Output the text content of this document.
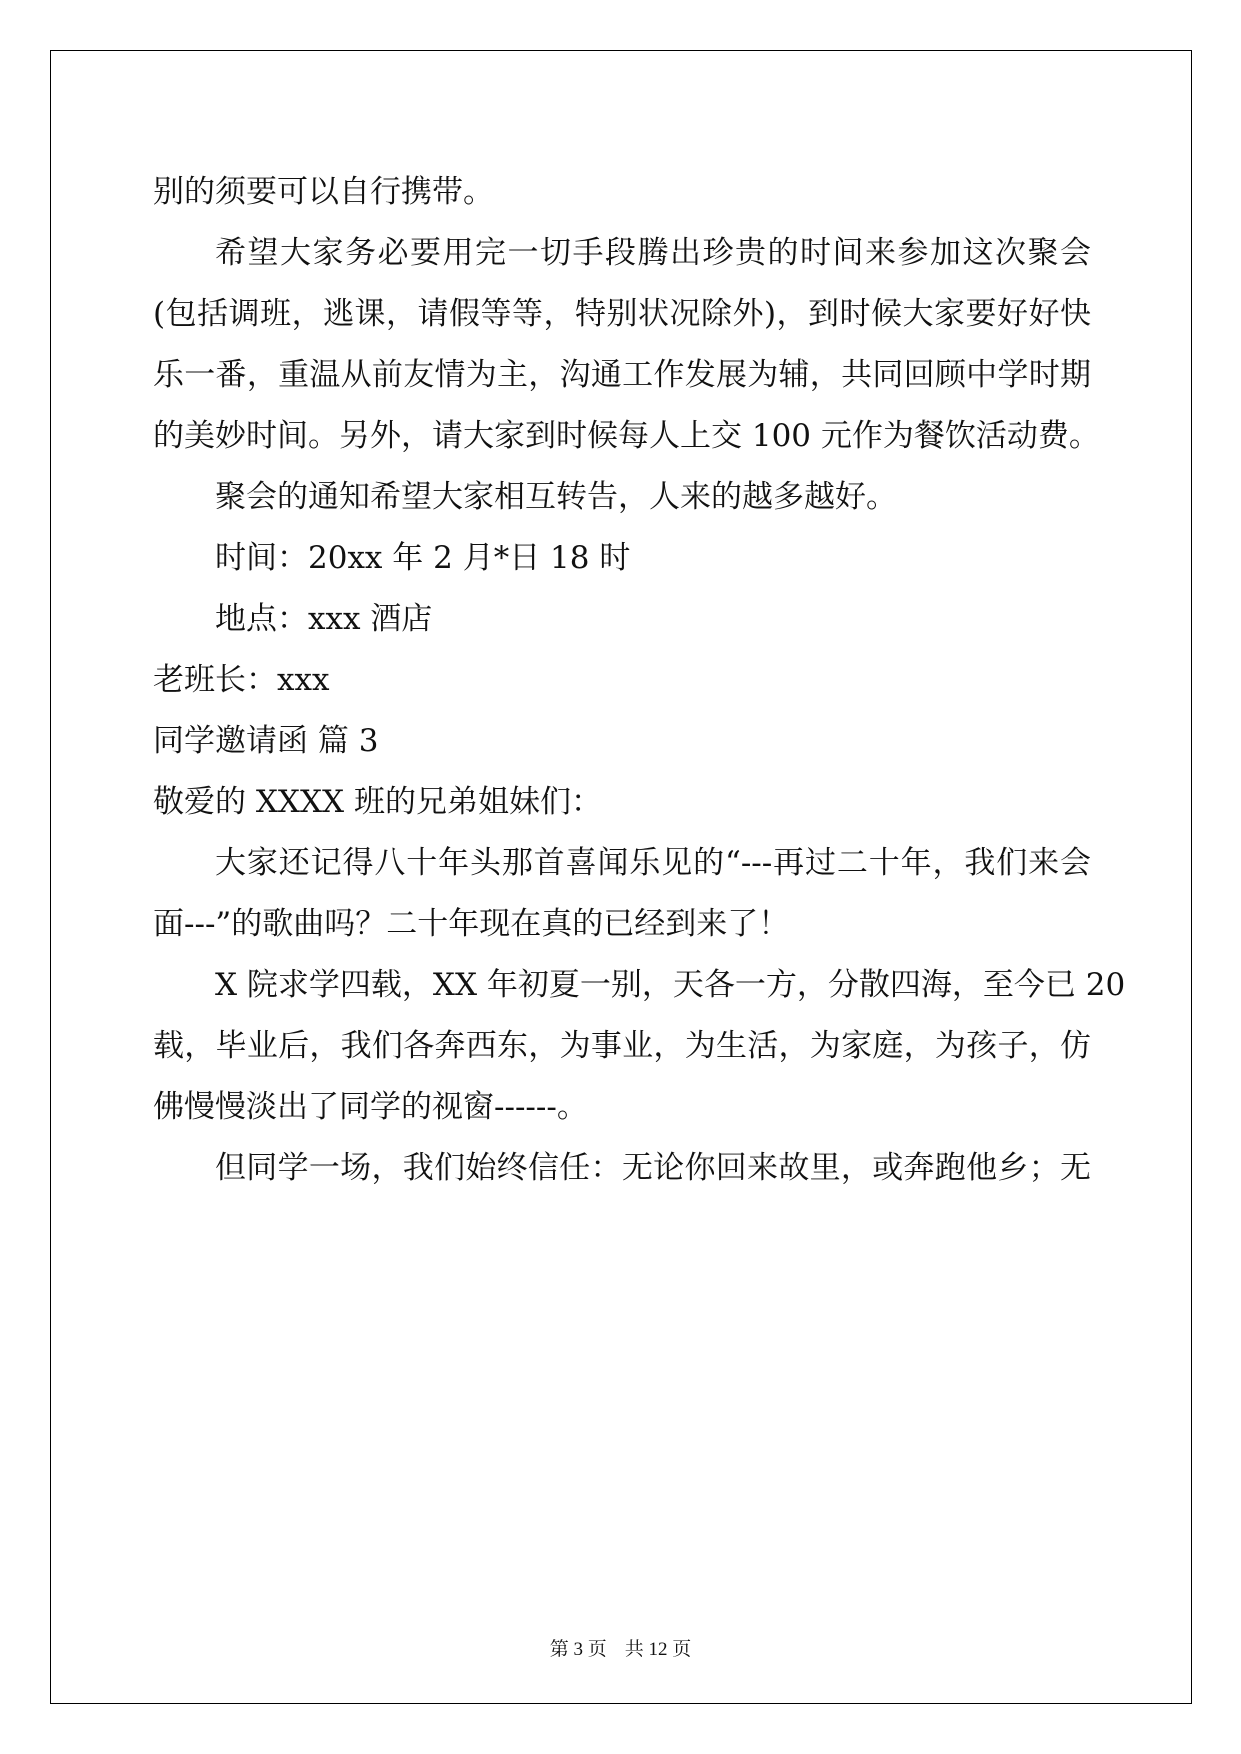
别的须要可以自行携带。
希望大家务必要用完一切手段腾出珍贵的时间来参加这次聚会
(包括调班，逃课，请假等等，特别状况除外)，到时候大家要好好快
乐一番，重温从前友情为主，沟通工作发展为辅，共同回顾中学时期
的美妙时间。另外，请大家到时候每人上交 100 元作为餐饮活动费。
聚会的通知希望大家相互转告，人来的越多越好。
时间：20xx 年 2 月*日 18 时
地点：xxx 酒店
老班长：xxx
同学邀请函 篇 3
敬爱的 XXXX 班的兄弟姐妹们：
大家还记得八十年头那首喜闻乐见的“---再过二十年，我们来会
面---”的歌曲吗？二十年现在真的已经到来了！
X 院求学四载，XX 年初夏一别，天各一方，分散四海，至今已 20
载，毕业后，我们各奔西东，为事业，为生活，为家庭，为孩子，仿
佛慢慢淡出了同学的视窗------。
但同学一场，我们始终信任：无论你回来故里，或奔跑他乡；无
第 3 页 共 12 页
